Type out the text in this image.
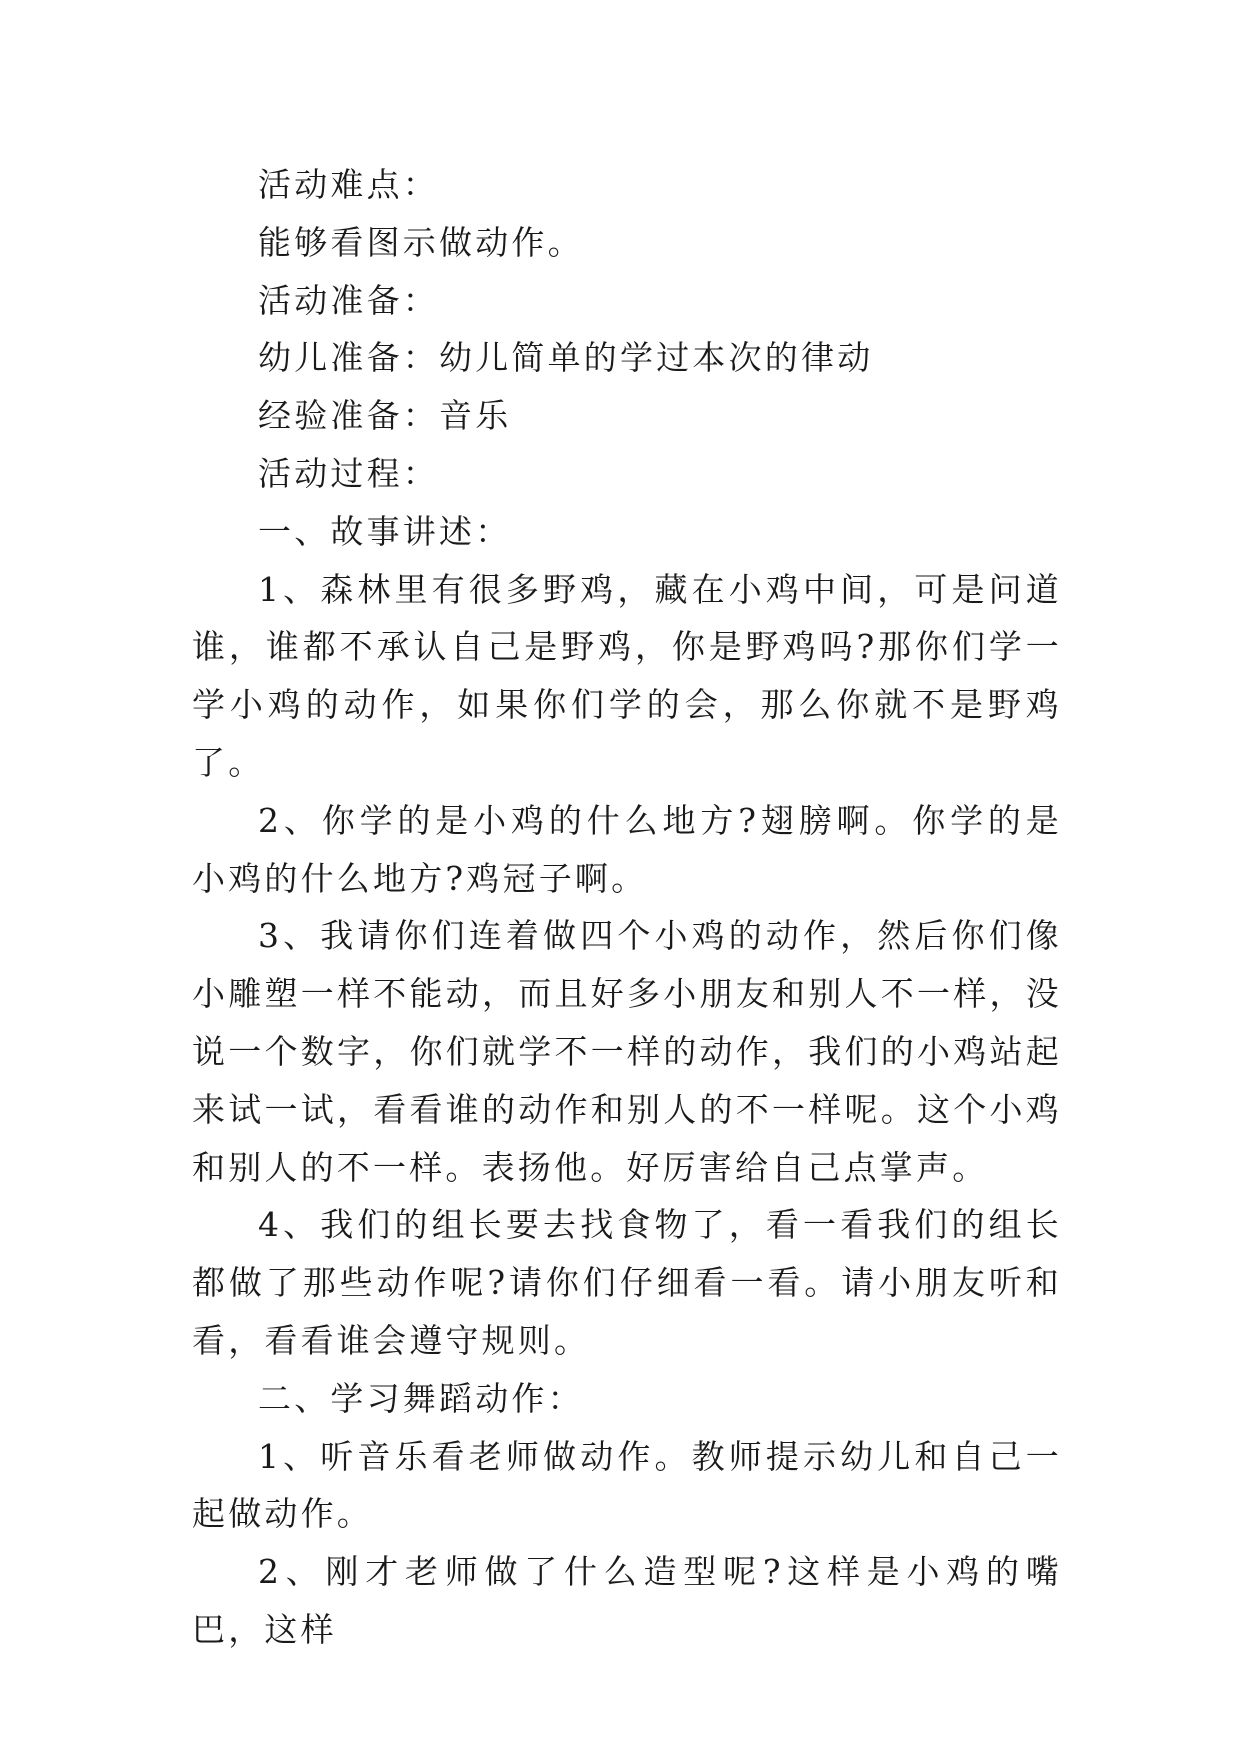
活动难点：

能够看图示做动作。

活动准备：

幼儿准备：幼儿简单的学过本次的律动

经验准备：音乐

活动过程：

一、故事讲述：

1、森林里有很多野鸡，藏在小鸡中间，可是问道谁，谁都不承认自己是野鸡，你是野鸡吗?那你们学一学小鸡的动作，如果你们学的会，那么你就不是野鸡了。

2、你学的是小鸡的什么地方?翅膀啊。你学的是小鸡的什么地方?鸡冠子啊。

3、我请你们连着做四个小鸡的动作，然后你们像小雕塑一样不能动，而且好多小朋友和别人不一样，没说一个数字，你们就学不一样的动作，我们的小鸡站起来试一试，看看谁的动作和别人的不一样呢。这个小鸡和别人的不一样。表扬他。好厉害给自己点掌声。

4、我们的组长要去找食物了，看一看我们的组长都做了那些动作呢?请你们仔细看一看。请小朋友听和看，看看谁会遵守规则。

二、学习舞蹈动作：

1、听音乐看老师做动作。教师提示幼儿和自己一起做动作。

2、刚才老师做了什么造型呢?这样是小鸡的嘴巴，这样
